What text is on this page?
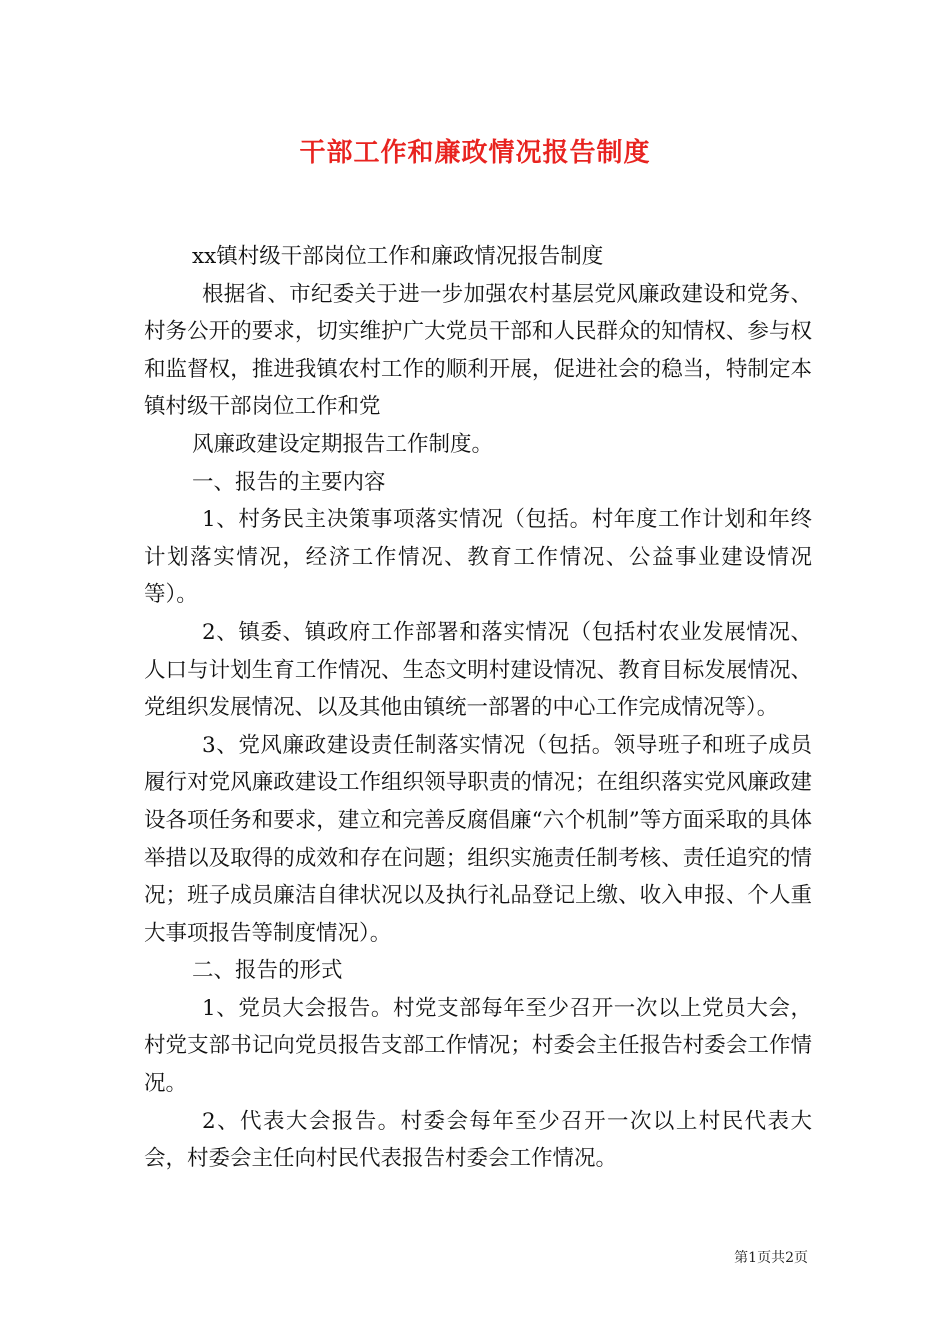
干部工作和廉政情况报告制度

xx镇村级干部岗位工作和廉政情况报告制度

根据省、市纪委关于进一步加强农村基层党风廉政建设和党务、村务公开的要求，切实维护广大党员干部和人民群众的知情权、参与权和监督权，推进我镇农村工作的顺利开展，促进社会的稳当，特制定本镇村级干部岗位工作和党

风廉政建设定期报告工作制度。

一、报告的主要内容

1、村务民主决策事项落实情况（包括。村年度工作计划和年终计划落实情况，经济工作情况、教育工作情况、公益事业建设情况等）。

2、镇委、镇政府工作部署和落实情况（包括村农业发展情况、人口与计划生育工作情况、生态文明村建设情况、教育目标发展情况、党组织发展情况、以及其他由镇统一部署的中心工作完成情况等）。

3、党风廉政建设责任制落实情况（包括。领导班子和班子成员履行对党风廉政建设工作组织领导职责的情况；在组织落实党风廉政建设各项任务和要求，建立和完善反腐倡廉“六个机制”等方面采取的具体举措以及取得的成效和存在问题；组织实施责任制考核、责任追究的情况；班子成员廉洁自律状况以及执行礼品登记上缴、收入申报、个人重大事项报告等制度情况）。

二、报告的形式

1、党员大会报告。村党支部每年至少召开一次以上党员大会，村党支部书记向党员报告支部工作情况；村委会主任报告村委会工作情况。

2、代表大会报告。村委会每年至少召开一次以上村民代表大会，村委会主任向村民代表报告村委会工作情况。

第1页共2页
